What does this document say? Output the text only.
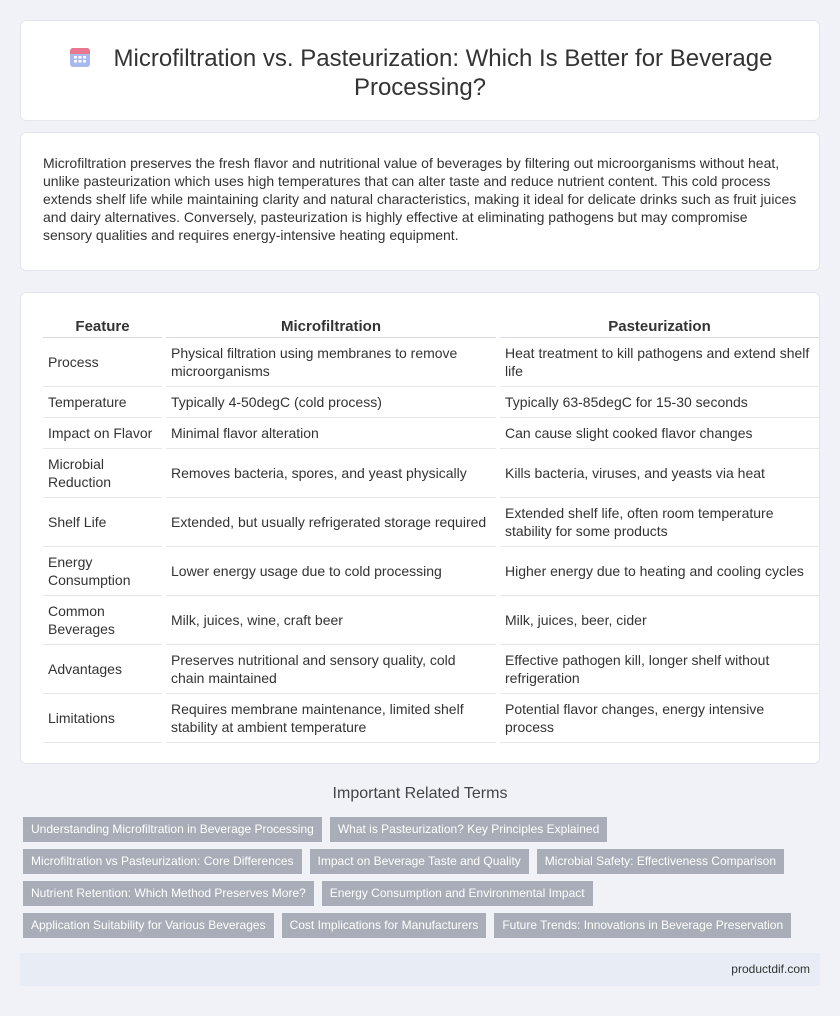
Microfiltration vs. Pasteurization: Which Is Better for Beverage Processing?

Microfiltration preserves the fresh flavor and nutritional value of beverages by filtering out microorganisms without heat, unlike pasteurization which uses high temperatures that can alter taste and reduce nutrient content. This cold process extends shelf life while maintaining clarity and natural characteristics, making it ideal for delicate drinks such as fruit juices and dairy alternatives. Conversely, pasteurization is highly effective at eliminating pathogens but may compromise sensory qualities and requires energy-intensive heating equipment.

Feature		Microfiltration		Pasteurization
Process		Physical filtration using membranes to remove microorganisms		Heat treatment to kill pathogens and extend shelf life
Temperature		Typically 4-50degC (cold process)		Typically 63-85degC for 15-30 seconds
Impact on Flavor		Minimal flavor alteration		Can cause slight cooked flavor changes
Microbial Reduction		Removes bacteria, spores, and yeast physically		Kills bacteria, viruses, and yeasts via heat
Shelf Life		Extended, but usually refrigerated storage required		Extended shelf life, often room temperature stability for some products
Energy Consumption		Lower energy usage due to cold processing		Higher energy due to heating and cooling cycles
Common Beverages		Milk, juices, wine, craft beer		Milk, juices, beer, cider
Advantages		Preserves nutritional and sensory quality, cold chain maintained		Effective pathogen kill, longer shelf without refrigeration
Limitations		Requires membrane maintenance, limited shelf stability at ambient temperature		Potential flavor changes, energy intensive process
Important Related Terms
Understanding Microfiltration in Beverage Processing	What is Pasteurization? Key Principles Explained
Microfiltration vs Pasteurization: Core Differences	Impact on Beverage Taste and Quality	Microbial Safety: Effectiveness Comparison
Nutrient Retention: Which Method Preserves More?	Energy Consumption and Environmental Impact
Application Suitability for Various Beverages	Cost Implications for Manufacturers	Future Trends: Innovations in Beverage Preservation
productdif.com
